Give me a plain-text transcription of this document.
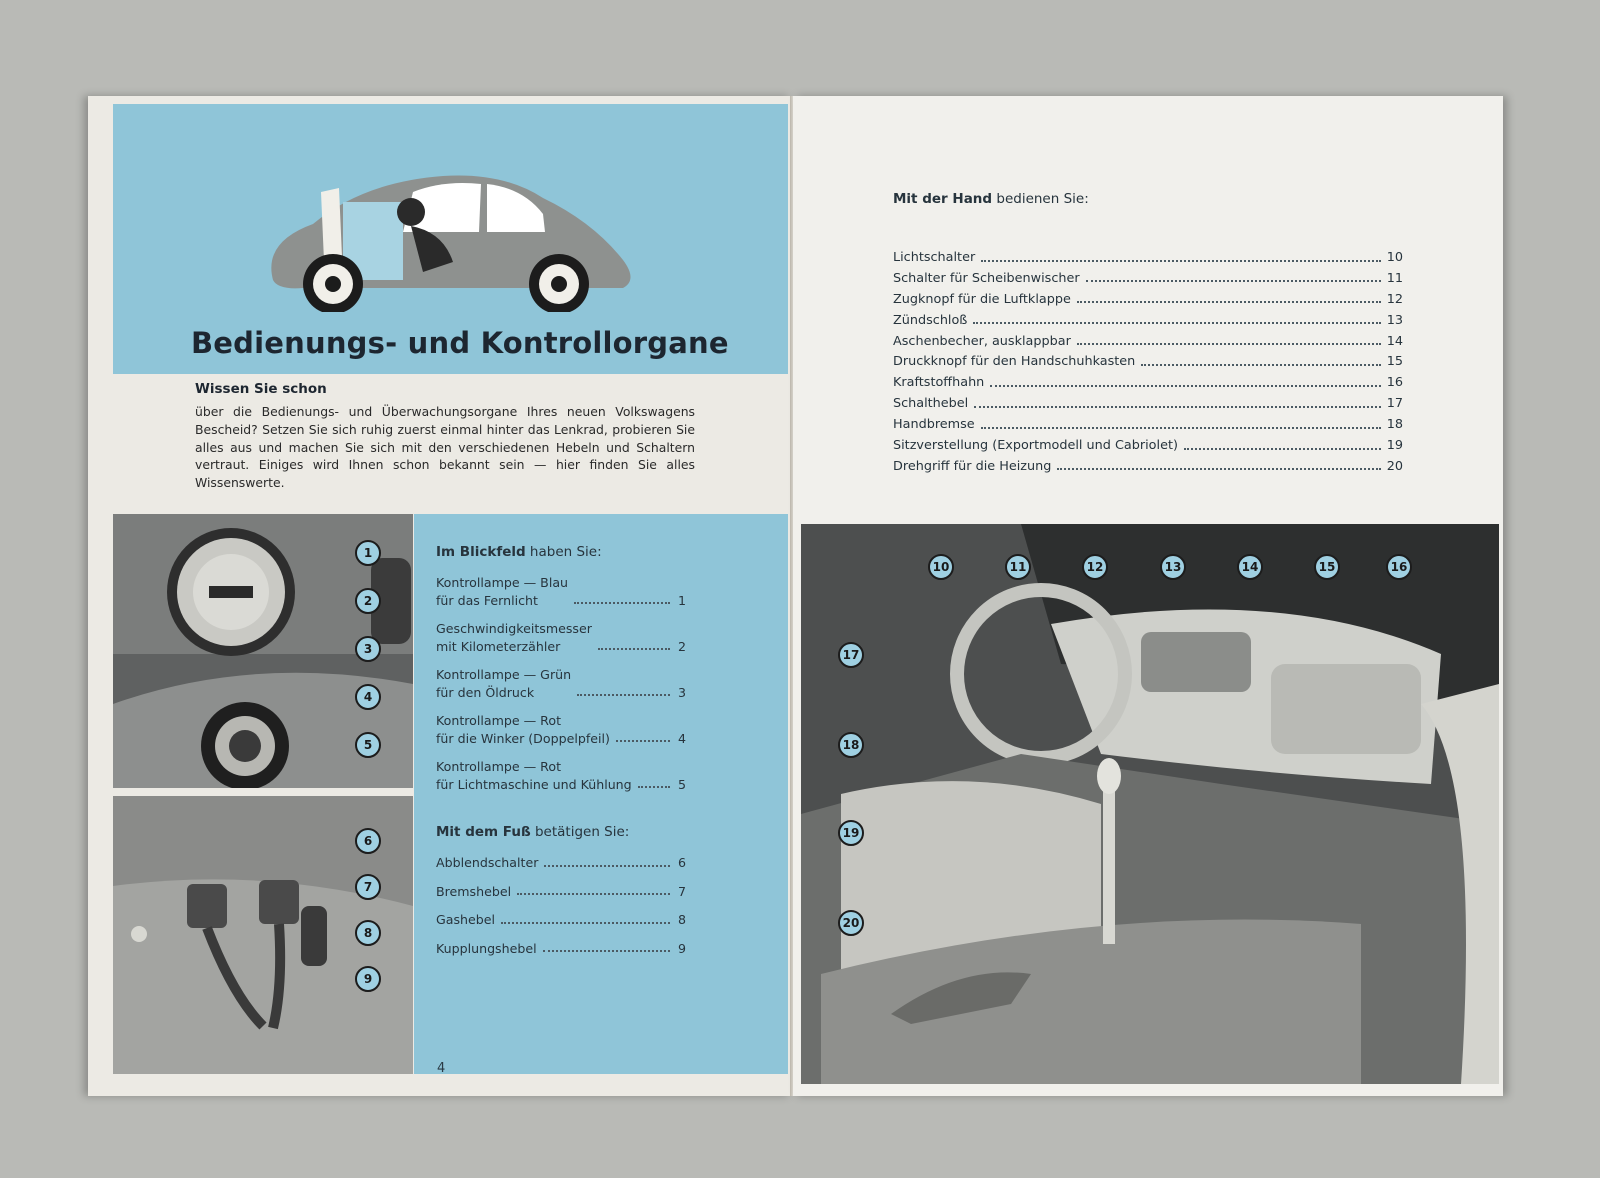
Bedienungs- und Kontrollorgane
Wissen Sie schon

über die Bedienungs- und Überwachungsorgane Ihres neuen Volkswagens Bescheid? Setzen Sie sich ruhig zuerst einmal hinter das Lenkrad, probieren Sie alles aus und machen Sie sich mit den verschiedenen Hebeln und Schaltern vertraut. Einiges wird Ihnen schon bekannt sein — hier finden Sie alles Wissenswerte.

1
2
3
4
5
6
7
8
9
Im Blickfeld haben Sie:
Kontrollampe — Blau
für das Fernlicht	1
Geschwindigkeitsmesser
mit Kilometerzähler	2
Kontrollampe — Grün
für den Öldruck	3
Kontrollampe — Rot
für die Winker (Doppelpfeil)	4
Kontrollampe — Rot
für Lichtmaschine und Kühlung	5
Mit dem Fuß betätigen Sie:
Abblendschalter	6
Bremshebel	7
Gashebel	8
Kupplungshebel	9
4
Mit der Hand bedienen Sie:
Lichtschalter	10
Schalter für Scheibenwischer	11
Zugknopf für die Luftklappe	12
Zündschloß	13
Aschenbecher, ausklappbar	14
Druckknopf für den Handschuhkasten	15
Kraftstoffhahn	16
Schalthebel	17
Handbremse	18
Sitzverstellung (Exportmodell und Cabriolet)	19
Drehgriff für die Heizung	20
10	11	12	13	14	15	16
17
18
19
20
